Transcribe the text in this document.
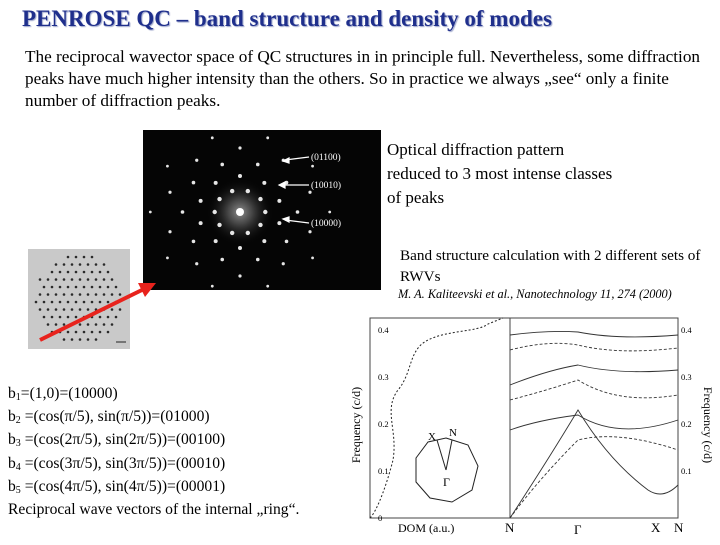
PENROSE QC – band structure and density of modes
The reciprocal wavector space of QC structures in in principle full. Nevertheless, some diffraction peaks have much higher intensity than the others. So in practice we always „see“ only a finite number of diffraction peaks.
(01100)
(10010)
(10000)
Optical diffraction pattern reduced to 3 most intense classes of peaks
Band structure calculation with 2 different sets of RWVs
M. A. Kaliteevski et al., Nanotechnology 11, 274 (2000)
$b_1=(1,0)=(10000)$
$b_2 =(\cos(\pi/5)$, sin(π/5))=(01000)
$b_3 =(\cos(2\pi/5)$, sin(2π/5))=(00100)
$b_4 =(\cos(3\pi/5)$, sin(3π/5))=(00010)
$b_5 =(\cos(4\pi/5)$, sin(4π/5))=(00001)
Reciprocal wave vectors of the internal „ring“.
Frequency (c/d)	Frequency (c/d)
X N
Γ
DOM (a.u.)	N	Γ	X N
0.4
0.3
0.2
0.1
0
0.4
0.3
0.2
0.1
